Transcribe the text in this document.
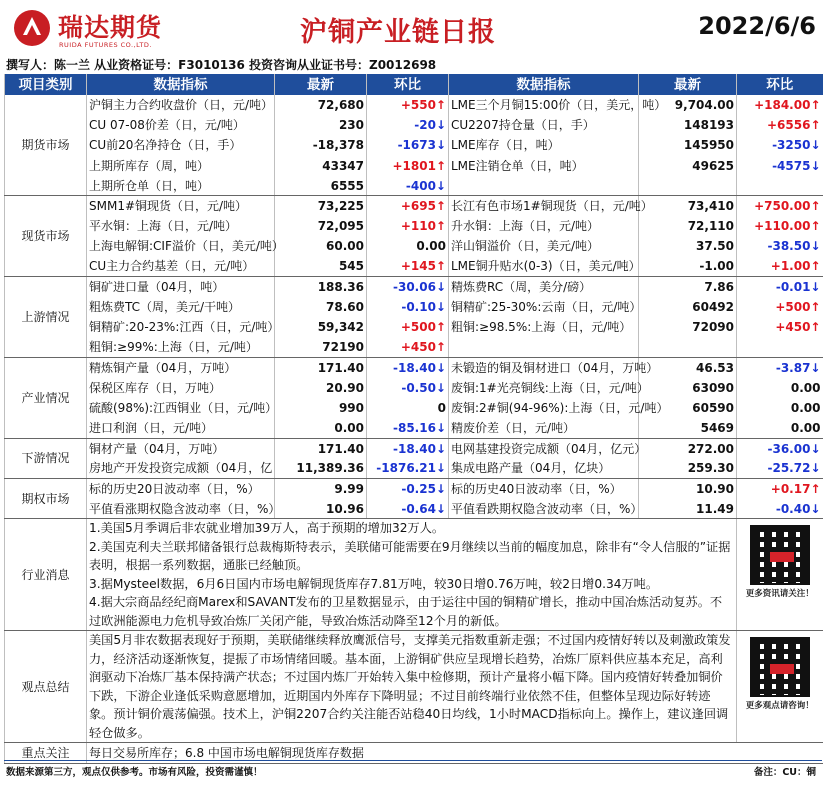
瑞达期货
RUIDA FUTURES CO.,LTD.	沪铜产业链日报	2022/6/6
撰写人：陈一兰 从业资格证号：F3010136 投资咨询从业证书号：Z0012698
项目类别	数据指标	最新	环比	数据指标	最新	环比
期货市场	沪铜主力合约收盘价（日，元/吨）	72,680	+550↑	LME三个月铜15:00价（日，美元，吨）	9,704.00	+184.00↑
	CU 07-08价差（日，元/吨）	230	-20↓	CU2207持仓量（日，手）	148193	+6556↑
	CU前20名净持仓（日，手）	-18,378	-1673↓	LME库存（日，吨）	145950	-3250↓
	上期所库存（周，吨）	43347	+1801↑	LME注销仓单（日，吨）	49625	-4575↓
	上期所仓单（日，吨）	6555	-400↓			
现货市场	SMM1#铜现货（日，元/吨）	73,225	+695↑	长江有色市场1#铜现货（日，元/吨）	73,410	+750.00↑
	平水铜：上海（日，元/吨）	72,095	+110↑	升水铜：上海（日，元/吨）	72,110	+110.00↑
	上海电解铜:CIF溢价（日，美元/吨）	60.00	0.00	洋山铜溢价（日，美元/吨）	37.50	-38.50↓
	CU主力合约基差（日，元/吨）	545	+145↑	LME铜升贴水(0-3)（日，美元/吨）	-1.00	+1.00↑
上游情况	铜矿进口量（04月，吨）	188.36	-30.06↓	精炼费RC（周，美分/磅）	7.86	-0.01↓
	粗炼费TC（周，美元/干吨）	78.60	-0.10↓	铜精矿:25-30%:云南（日，元/吨）	60492	+500↑
	铜精矿:20-23%:江西（日，元/吨）	59,342	+500↑	粗铜:≥98.5%:上海（日，元/吨）	72090	+450↑
	粗铜:≥99%:上海（日，元/吨）	72190	+450↑			
产业情况	精炼铜产量（04月，万吨）	171.40	-18.40↓	未锻造的铜及铜材进口（04月，万吨）	46.53	-3.87↓
	保税区库存（日，万吨）	20.90	-0.50↓	废铜:1#光亮铜线:上海（日，元/吨）	63090	0.00
	硫酸(98%):江西铜业（日，元/吨）	990	0	废铜:2#铜(94-96%):上海（日，元/吨）	60590	0.00
	进口利润（日，元/吨）	0.00	-85.16↓	精废价差（日，元/吨）	5469	0.00
下游情况	铜材产量（04月，万吨）	171.40	-18.40↓	电网基建投资完成额（04月，亿元）	272.00	-36.00↓
	房地产开发投资完成额（04月，亿	11,389.36	-1876.21↓	集成电路产量（04月，亿块）	259.30	-25.72↓
期权市场	标的历史20日波动率（日，%）	9.99	-0.25↓	标的历史40日波动率（日，%）	10.90	+0.17↑
	平值看涨期权隐含波动率（日，%）	10.96	-0.64↓	平值看跌期权隐含波动率（日，%）	11.49	-0.40↓
行业消息	1.美国5月季调后非农就业增加39万人，高于预期的增加32万人。
2.美国克利夫兰联邦储备银行总裁梅斯特表示，美联储可能需要在9月继续以当前的幅度加息，除非有“令人信服的”证据表明，根据一系列数据，通胀已经触顶。
3.据Mysteel数据，6月6日国内市场电解铜现货库存7.81万吨，较30日增0.76万吨，较2日增0.34万吨。
4.据大宗商品经纪商Marex和SAVANT发布的卫星数据显示，由于运往中国的铜精矿增长，推动中国冶炼活动复苏。不过欧洲能源电力危机导致冶炼厂关闭产能，导致冶炼活动降至12个月的新低。					更多资讯请关注！

观点总结	美国5月非农数据表现好于预期，美联储继续释放鹰派信号，支撑美元指数重新走强；不过国内疫情好转以及刺激政策发力，经济活动逐渐恢复，提振了市场情绪回暖。基本面，上游铜矿供应呈现增长趋势，冶炼厂原料供应基本充足，高利润驱动下冶炼厂基本保持满产状态；不过国内炼厂开始转入集中检修期，预计产量将小幅下降。国内疫情好转叠加铜价下跌，下游企业逢低采购意愿增加，近期国内外库存下降明显；不过目前终端行业依然不佳，但整体呈现边际好转迹象。预计铜价震荡偏强。技术上，沪铜2207合约关注能否站稳40日均线，1小时MACD指标向上。操作上，建议逢回调轻仓做多。					更多观点请咨询！

重点关注	每日交易所库存；6.8 中国市场电解铜现货库存数据					
数据来源第三方，观点仅供参考。市场有风险，投资需谨慎！	备注：CU：铜
